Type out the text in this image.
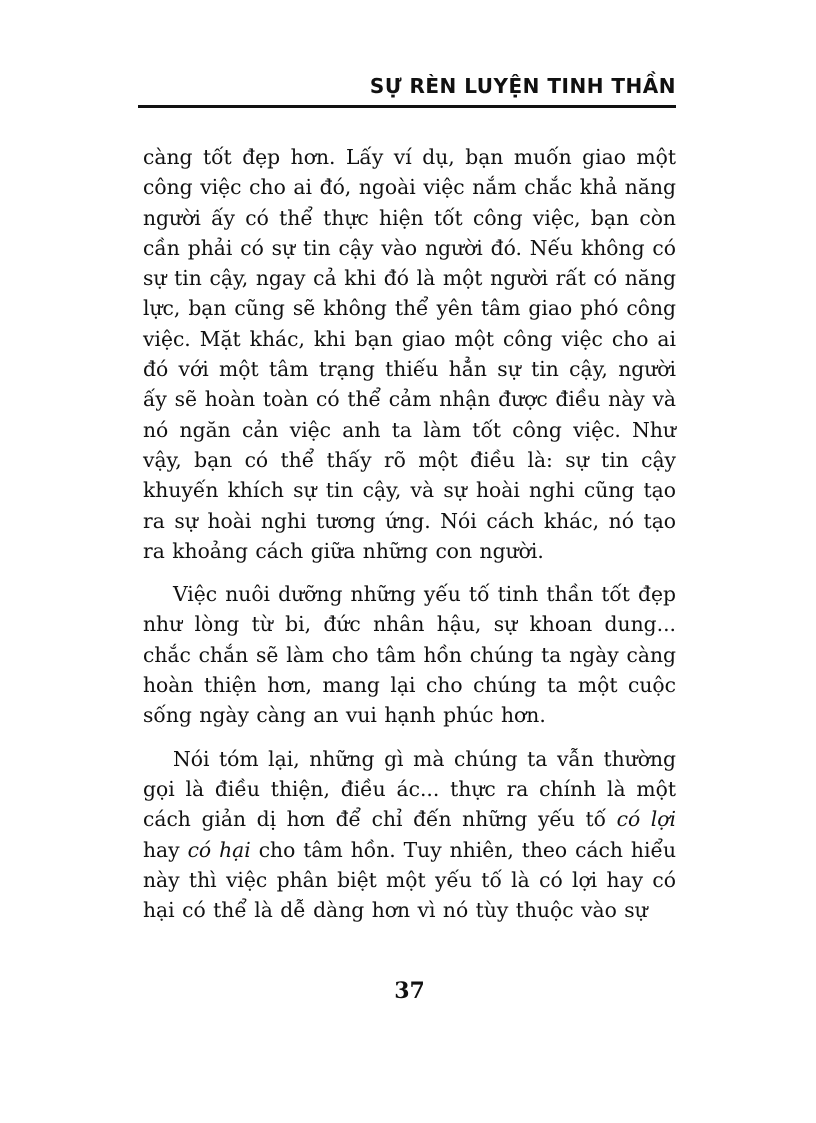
SỰ RÈN LUYỆN TINH THẦN

càng tốt đẹp hơn. Lấy ví dụ, bạn muốn giao một công việc cho ai đó, ngoài việc nắm chắc khả năng người ấy có thể thực hiện tốt công việc, bạn còn cần phải có sự tin cậy vào người đó. Nếu không có sự tin cậy, ngay cả khi đó là một người rất có năng lực, bạn cũng sẽ không thể yên tâm giao phó công việc. Mặt khác, khi bạn giao một công việc cho ai đó với một tâm trạng thiếu hẳn sự tin cậy, người ấy sẽ hoàn toàn có thể cảm nhận được điều này và nó ngăn cản việc anh ta làm tốt công việc. Như vậy, bạn có thể thấy rõ một điều là: sự tin cậy khuyến khích sự tin cậy, và sự hoài nghi cũng tạo ra sự hoài nghi tương ứng. Nói cách khác, nó tạo ra khoảng cách giữa những con người.

Việc nuôi dưỡng những yếu tố tinh thần tốt đẹp như lòng từ bi, đức nhân hậu, sự khoan dung... chắc chắn sẽ làm cho tâm hồn chúng ta ngày càng hoàn thiện hơn, mang lại cho chúng ta một cuộc sống ngày càng an vui hạnh phúc hơn.

Nói tóm lại, những gì mà chúng ta vẫn thường gọi là điều thiện, điều ác... thực ra chính là một cách giản dị hơn để chỉ đến những yếu tố có lợi hay có hại cho tâm hồn. Tuy nhiên, theo cách hiểu này thì việc phân biệt một yếu tố là có lợi hay có hại có thể là dễ dàng hơn vì nó tùy thuộc vào sự

37
